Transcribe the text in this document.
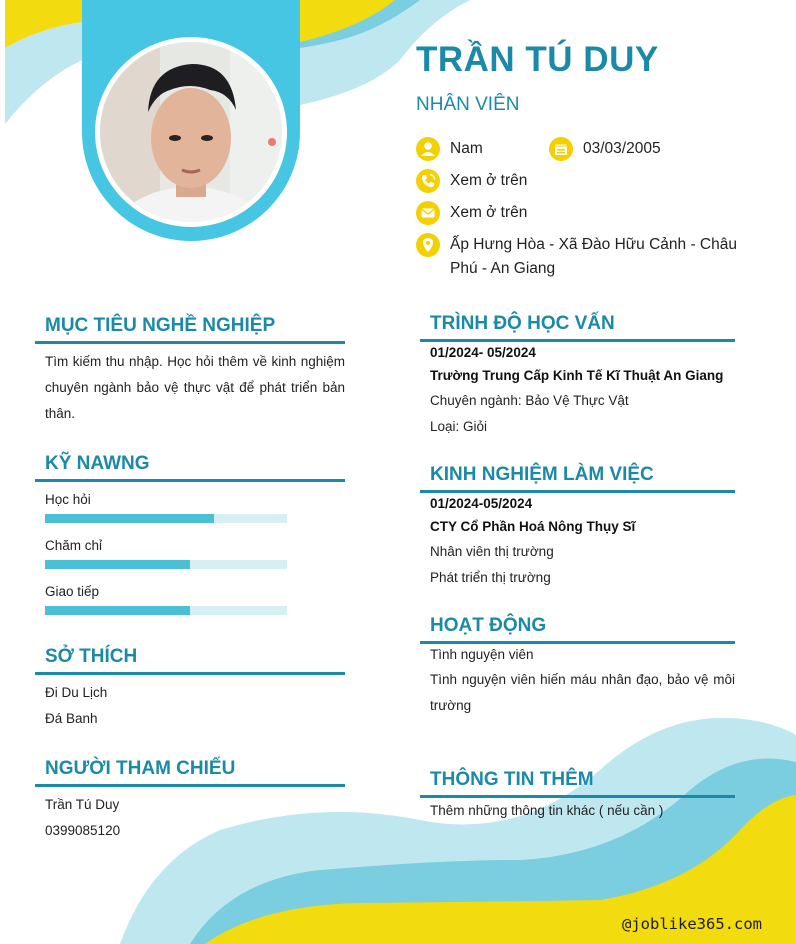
TRẦN TÚ DUY
NHÂN VIÊN
Nam	03/03/2005
Xem ở trên
Xem ở trên
Ấp Hưng Hòa - Xã Đào Hữu Cảnh - Châu Phú - An Giang
MỤC TIÊU NGHỀ NGHIỆP
Tìm kiếm thu nhập. Học hỏi thêm về kinh nghiệm chuyên ngành bảo vệ thực vật để phát triển bản thân.
KỸ NAWNG
Học hỏi
Chăm chỉ
Giao tiếp
SỞ THÍCH
Đi Du Lịch
Đá Banh
NGƯỜI THAM CHIẾU
Trần Tú Duy
0399085120
TRÌNH ĐỘ HỌC VẤN
01/2024- 05/2024
Trường Trung Cấp Kinh Tế Kĩ Thuật An Giang
Chuyên ngành: Bảo Vệ Thực Vật
Loại: Giỏi
KINH NGHIỆM LÀM VIỆC
01/2024-05/2024
CTY Cổ Phần Hoá Nông Thụy Sĩ
Nhân viên thị trường
Phát triển thị trường
HOẠT ĐỘNG
Tình nguyện viên
Tình nguyện viên hiến máu nhân đạo, bảo vệ môi trường
THÔNG TIN THÊM
Thêm những thông tin khác ( nếu cần )
@joblike365.com
